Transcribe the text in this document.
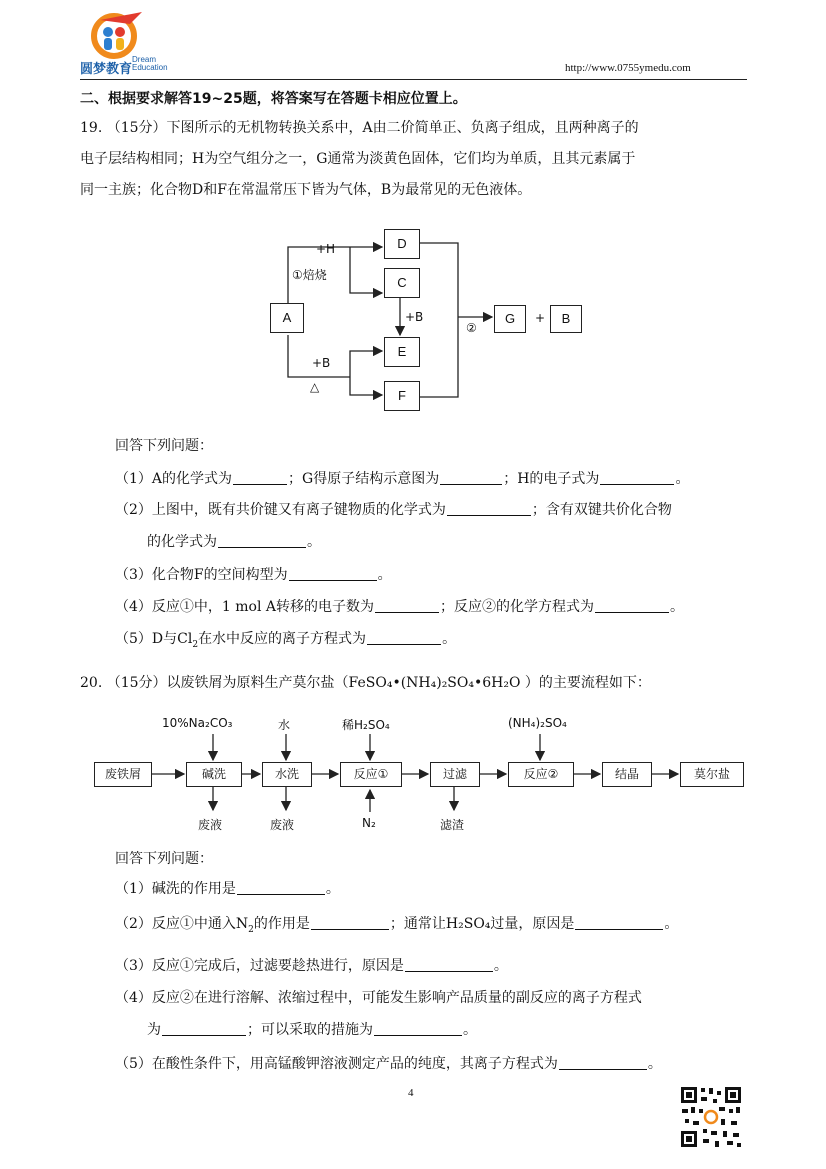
圆梦教育
Dream
Education	http://www.0755ymedu.com
二、根据要求解答19~25题，将答案写在答题卡相应位置上。
19. （15分）下图所示的无机物转换关系中，A由二价简单正、负离子组成，且两种离子的
电子层结构相同；H为空气组分之一，G通常为淡黄色固体，它们均为单质，且其元素属于
同一主族；化合物D和F在常温常压下皆为气体，B为最常见的无色液体。
A
D
C
E
F
G	B
+H
①焙烧
+B
+B
△
②
+
回答下列问题：
（1）A的化学式为	；G得原子结构示意图为	；H的电子式为	。
（2）上图中，既有共价键又有离子键物质的化学式为	；含有双键共价化合物
的化学式为	。
（3）化合物F的空间构型为	。
（4）反应①中，1 mol A转移的电子数为	；反应②的化学方程式为	。
（5）D与$Cl_2$在水中反应的离子方程式为	。
20. （15分）以废铁屑为原料生产莫尔盐（FeSO₄•(NH₄)₂SO₄•6H₂O ）的主要流程如下：
废铁屑	碱洗	水洗	反应①	过滤	反应②	结晶	莫尔盐
10%Na₂CO₃	水	稀H₂SO₄	(NH₄)₂SO₄
废液	废液	N₂	滤渣
回答下列问题：
（1）碱洗的作用是	。
（2）反应①中通入$N_2$的作用是	；通常让H₂SO₄过量，原因是	。
（3）反应①完成后，过滤要趁热进行，原因是	。
（4）反应②在进行溶解、浓缩过程中，可能发生影响产品质量的副反应的离子方程式
为	；可以采取的措施为	。
（5）在酸性条件下，用高锰酸钾溶液测定产品的纯度，其离子方程式为	。
4
